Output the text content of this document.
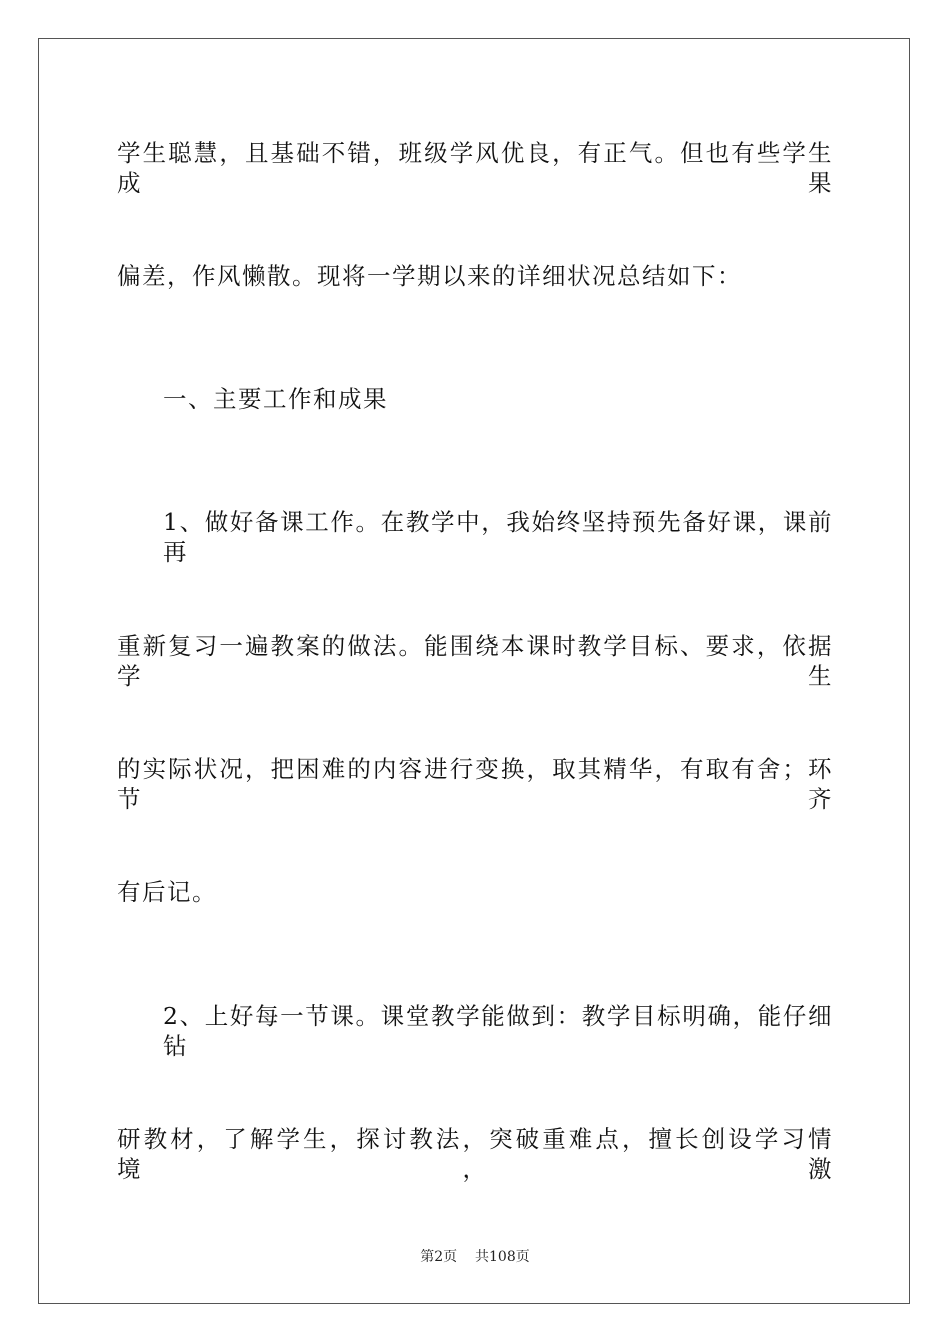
学生聪慧，且基础不错，班级学风优良，有正气。但也有些学生成果
偏差，作风懒散。现将一学期以来的详细状况总结如下：
一、主要工作和成果
1、做好备课工作。在教学中，我始终坚持预先备好课，课前再
重新复习一遍教案的做法。能围绕本课时教学目标、要求，依据学生
的实际状况，把困难的内容进行变换，取其精华，有取有舍；环节齐
有后记。
2、上好每一节课。课堂教学能做到：教学目标明确，能仔细钻
研教材，了解学生，探讨教法，突破重难点，擅长创设学习情境，激
第2页 共108页
